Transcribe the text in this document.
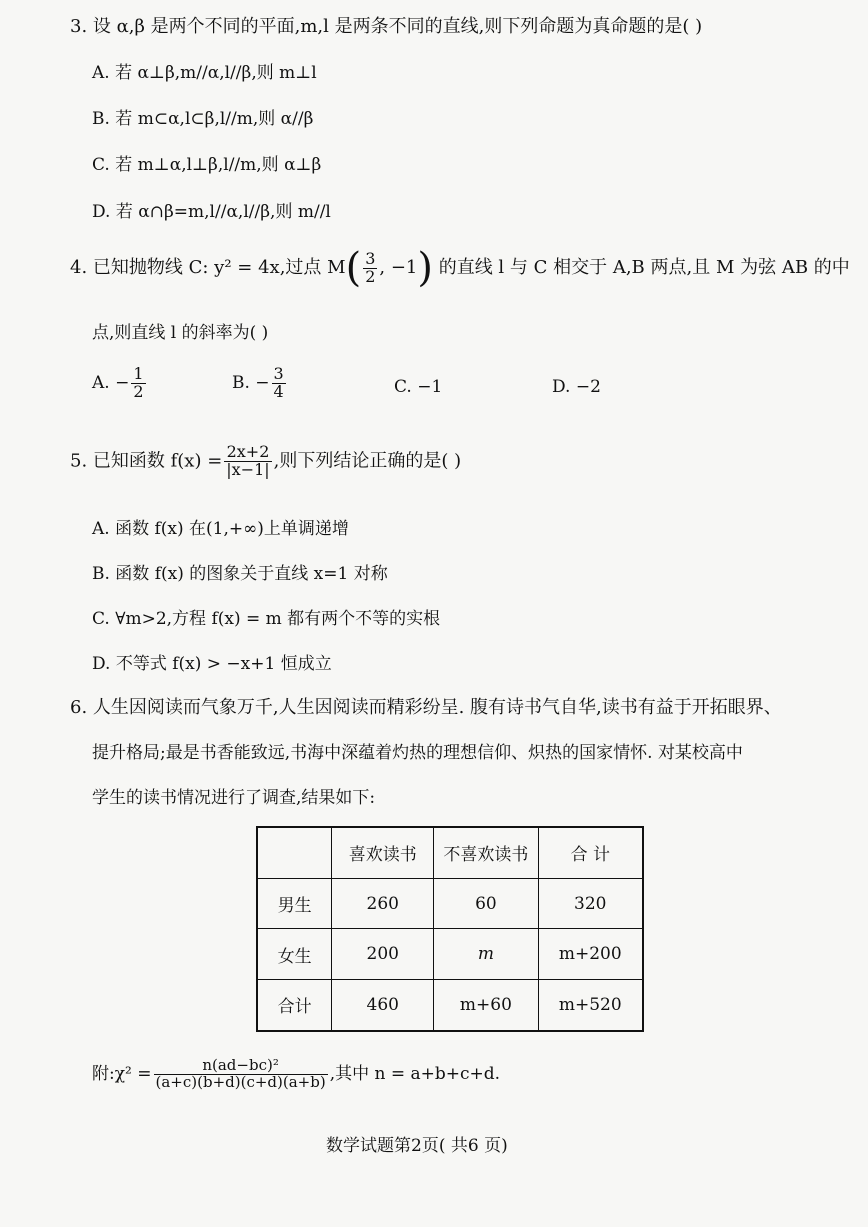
3. 设 α,β 是两个不同的平面,m,l 是两条不同的直线,则下列命题为真命题的是( )
A. 若 α⊥β,m//α,l//β,则 m⊥l
B. 若 m⊂α,l⊂β,l//m,则 α//β
C. 若 m⊥α,l⊥β,l//m,则 α⊥β
D. 若 α∩β=m,l//α,l//β,则 m//l
4. 已知抛物线 C: y² = 4x,过点 $M( \frac{3}{2}$ , −1) 的直线 l 与 C 相交于 A,B 两点,且 M 为弦 AB 的中
点,则直线 l 的斜率为( )
A. − $\frac{1}{2}$	B. − $\frac{3}{4}$	C. −1	D. −2
5. 已知函数 $f(x) = \frac{2x+2}{|x-1|}$ ,则下列结论正确的是( )
A. 函数 f(x) 在(1,+∞)上单调递增
B. 函数 f(x) 的图象关于直线 x=1 对称
C. ∀m>2,方程 f(x) = m 都有两个不等的实根
D. 不等式 f(x) > −x+1 恒成立
6. 人生因阅读而气象万千,人生因阅读而精彩纷呈. 腹有诗书气自华,读书有益于开拓眼界、
提升格局;最是书香能致远,书海中深蕴着灼热的理想信仰、炽热的国家情怀. 对某校高中
学生的读书情况进行了调查,结果如下:
	喜欢读书	不喜欢读书	合 计
男生	260	60	320
女生	200	m	m+200
合计	460	m+60	m+520
附:χ² = $\frac{\text{n(ad−bc)²}}{(a+c)(b+d)(c+d)(a+b)}$ ,其中 n = a+b+c+d.
数学试题第2页( 共6 页)
